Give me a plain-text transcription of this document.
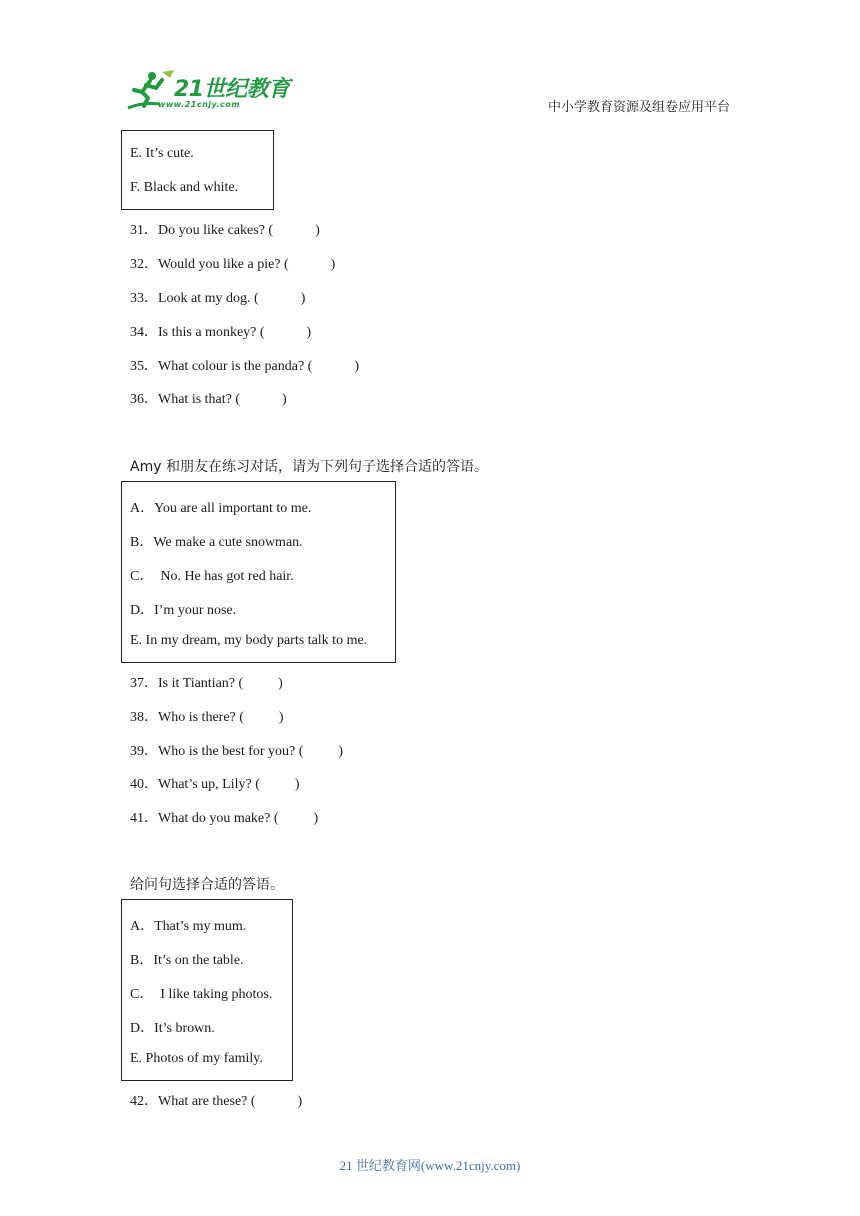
21世纪教育
www.21cnjy.com	中小学教育资源及组卷应用平台
E. It’s cute.
F. Black and white.
31．Do you like cakes? (            )
32．Would you like a pie? (            )
33．Look at my dog. (            )
34．Is this a monkey? (            )
35．What colour is the panda? (            )
36．What is that? (            )
Amy 和朋友在练习对话，请为下列句子选择合适的答语。
A．You are all important to me.
B．We make a cute snowman.
C．  No. He has got red hair.
D．I’m your nose.
E. In my dream, my body parts talk to me.
37．Is it Tiantian? (          )
38．Who is there? (          )
39．Who is the best for you? (          )
40．What’s up, Lily? (          )
41．What do you make? (          )
给问句选择合适的答语。
A．That’s my mum.
B．It’s on the table.
C．  I like taking photos.
D．It’s brown.
E. Photos of my family.
42．What are these? (            )
21 世纪教育网(www.21cnjy.com)
